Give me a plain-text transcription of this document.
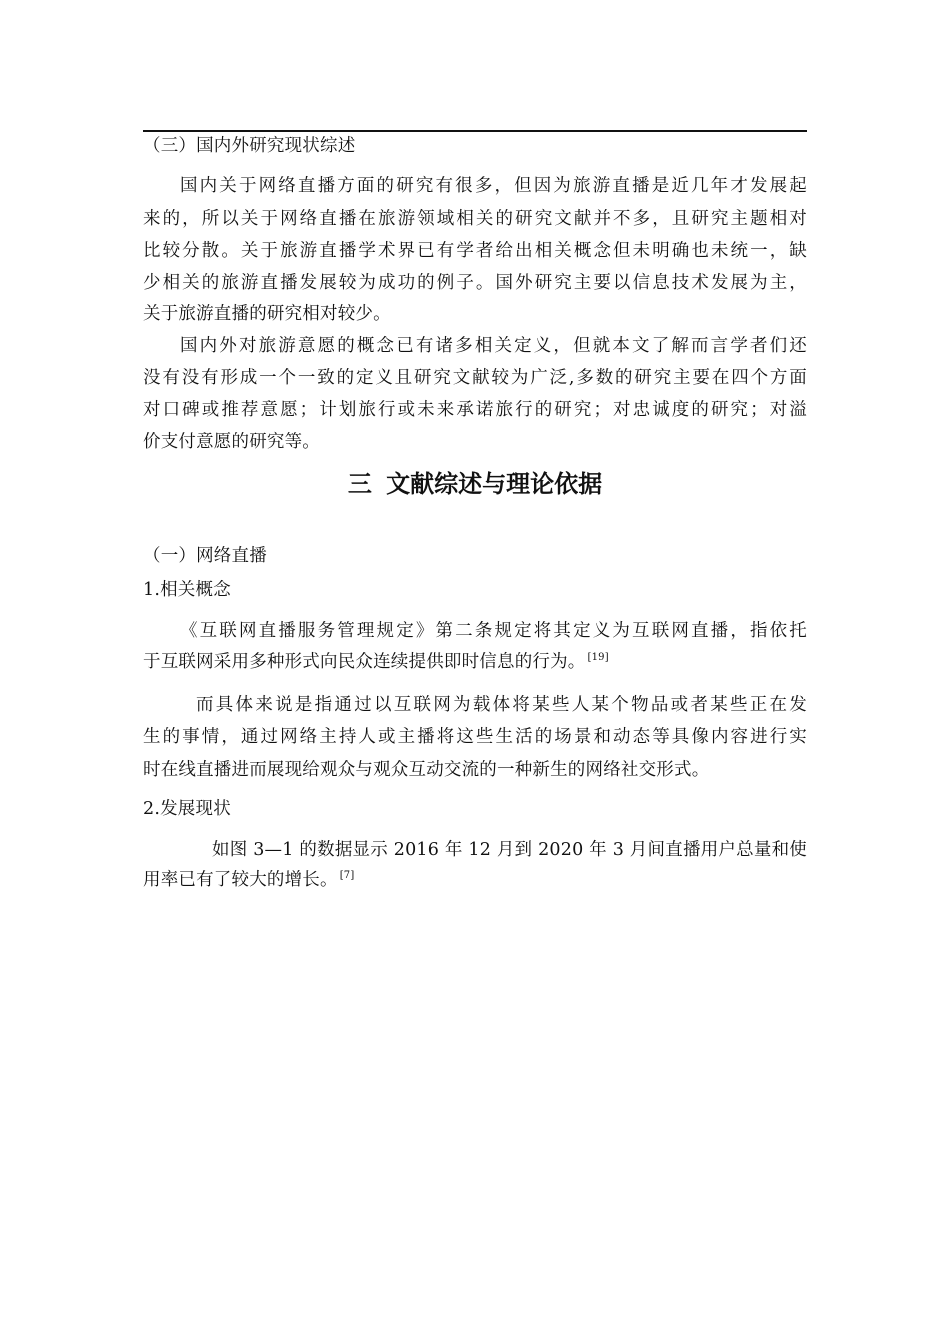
（三）国内外研究现状综述
国内关于网络直播方面的研究有很多，但因为旅游直播是近几年才发展起
来的，所以关于网络直播在旅游领域相关的研究文献并不多，且研究主题相对
比较分散。关于旅游直播学术界已有学者给出相关概念但未明确也未统一，缺
少相关的旅游直播发展较为成功的例子。国外研究主要以信息技术发展为主，
关于旅游直播的研究相对较少。
国内外对旅游意愿的概念已有诸多相关定义，但就本文了解而言学者们还
没有没有形成一个一致的定义且研究文献较为广泛,多数的研究主要在四个方面
对口碑或推荐意愿；计划旅行或未来承诺旅行的研究；对忠诚度的研究；对溢
价支付意愿的研究等。
三 文献综述与理论依据
（一）网络直播
1.相关概念
《互联网直播服务管理规定》第二条规定将其定义为互联网直播，指依托
于互联网采用多种形式向民众连续提供即时信息的行为。 [19]
而具体来说是指通过以互联网为载体将某些人某个物品或者某些正在发
生的事情，通过网络主持人或主播将这些生活的场景和动态等具像内容进行实
时在线直播进而展现给观众与观众互动交流的一种新生的网络社交形式。
2.发展现状
如图 3—1 的数据显示 2016 年 12 月到 2020 年 3 月间直播用户总量和使
用率已有了较大的增长。 [7]
